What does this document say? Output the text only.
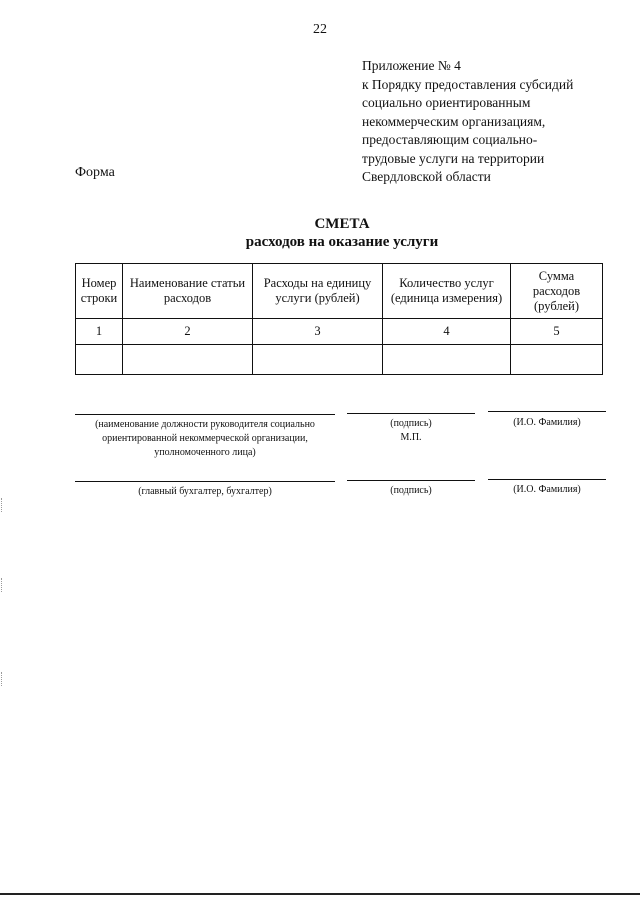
22
Приложение № 4
к Порядку предоставления субсидий
социально ориентированным
некоммерческим организациям,
предоставляющим социально-
трудовые услуги на территории
Свердловской области
Форма
СМЕТА
расходов на оказание услуги
Номер строки	Наименование статьи расходов	Расходы на единицу услуги (рублей)	Количество услуг (единица измерения)	Сумма расходов (рублей)
1	2	3	4	5

(наименование должности руководителя социально ориентированной некоммерческой организации, уполномоченного лица)
(подпись)
М.П.
(И.О. Фамилия)
(главный бухгалтер, бухгалтер)	(подпись)	(И.О. Фамилия)
